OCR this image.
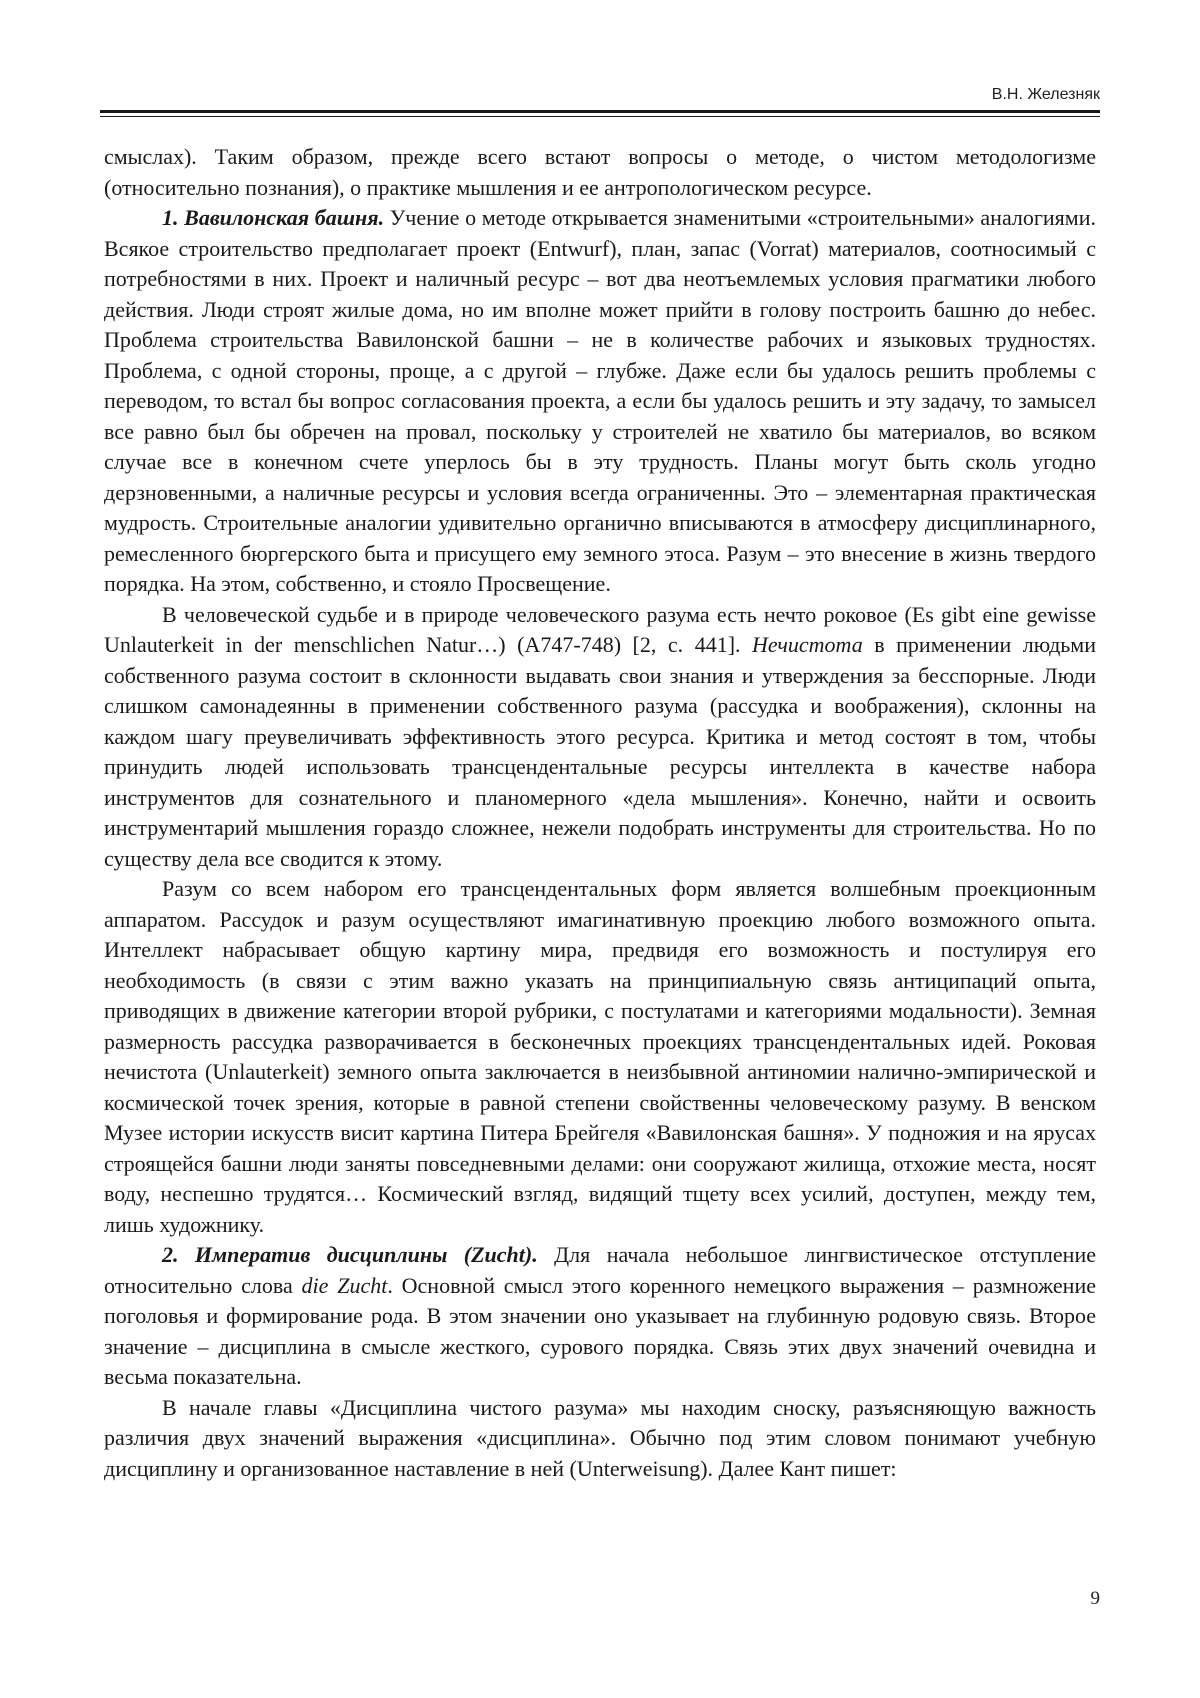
В.Н. Железняк

смыслах). Таким образом, прежде всего встают вопросы о методе, о чистом методологизме (относительно познания), о практике мышления и ее антропологическом ресурсе.

1. Вавилонская башня. Учение о методе открывается знаменитыми «строительными» аналогиями. Всякое строительство предполагает проект (Entwurf), план, запас (Vorrat) материалов, соотносимый с потребностями в них. Проект и наличный ресурс – вот два неотъемлемых условия прагматики любого действия. Люди строят жилые дома, но им вполне может прийти в голову построить башню до небес. Проблема строительства Вавилонской башни – не в количестве рабочих и языковых трудностях. Проблема, с одной стороны, проще, а с другой – глубже. Даже если бы удалось решить проблемы с переводом, то встал бы вопрос согласования проекта, а если бы удалось решить и эту задачу, то замысел все равно был бы обречен на провал, поскольку у строителей не хватило бы материалов, во всяком случае все в конечном счете уперлось бы в эту трудность. Планы могут быть сколь угодно дерзновенными, а наличные ресурсы и условия всегда ограниченны. Это – элементарная практическая мудрость. Строительные аналогии удивительно органично вписываются в атмосферу дисциплинарного, ремесленного бюргерского быта и присущего ему земного этоса. Разум – это внесение в жизнь твердого порядка. На этом, собственно, и стояло Просвещение.

В человеческой судьбе и в природе человеческого разума есть нечто роковое (Es gibt eine gewisse Unlauterkeit in der menschlichen Natur…) (A747-748) [2, с. 441]. Нечистота в применении людьми собственного разума состоит в склонности выдавать свои знания и утверждения за бесспорные. Люди слишком самонадеянны в применении собственного разума (рассудка и воображения), склонны на каждом шагу преувеличивать эффективность этого ресурса. Критика и метод состоят в том, чтобы принудить людей использовать трансцендентальные ресурсы интеллекта в качестве набора инструментов для сознательного и планомерного «дела мышления». Конечно, найти и освоить инструментарий мышления гораздо сложнее, нежели подобрать инструменты для строительства. Но по существу дела все сводится к этому.

Разум со всем набором его трансцендентальных форм является волшебным проекционным аппаратом. Рассудок и разум осуществляют имагинативную проекцию любого возможного опыта. Интеллект набрасывает общую картину мира, предвидя его возможность и постулируя его необходимость (в связи с этим важно указать на принципиальную связь антиципаций опыта, приводящих в движение категории второй рубрики, с постулатами и категориями модальности). Земная размерность рассудка разворачивается в бесконечных проекциях трансцендентальных идей. Роковая нечистота (Unlauterkeit) земного опыта заключается в неизбывной антиномии налично-эмпирической и космической точек зрения, которые в равной степени свойственны человеческому разуму. В венском Музее истории искусств висит картина Питера Брейгеля «Вавилонская башня». У подножия и на ярусах строящейся башни люди заняты повседневными делами: они сооружают жилища, отхожие места, носят воду, неспешно трудятся… Космический взгляд, видящий тщету всех усилий, доступен, между тем, лишь художнику.

2. Императив дисциплины (Zucht). Для начала небольшое лингвистическое отступление относительно слова die Zucht. Основной смысл этого коренного немецкого выражения – размножение поголовья и формирование рода. В этом значении оно указывает на глубинную родовую связь. Второе значение – дисциплина в смысле жесткого, сурового порядка. Связь этих двух значений очевидна и весьма показательна.

В начале главы «Дисциплина чистого разума» мы находим сноску, разъясняющую важность различия двух значений выражения «дисциплина». Обычно под этим словом понимают учебную дисциплину и организованное наставление в ней (Unterweisung). Далее Кант пишет:

9
